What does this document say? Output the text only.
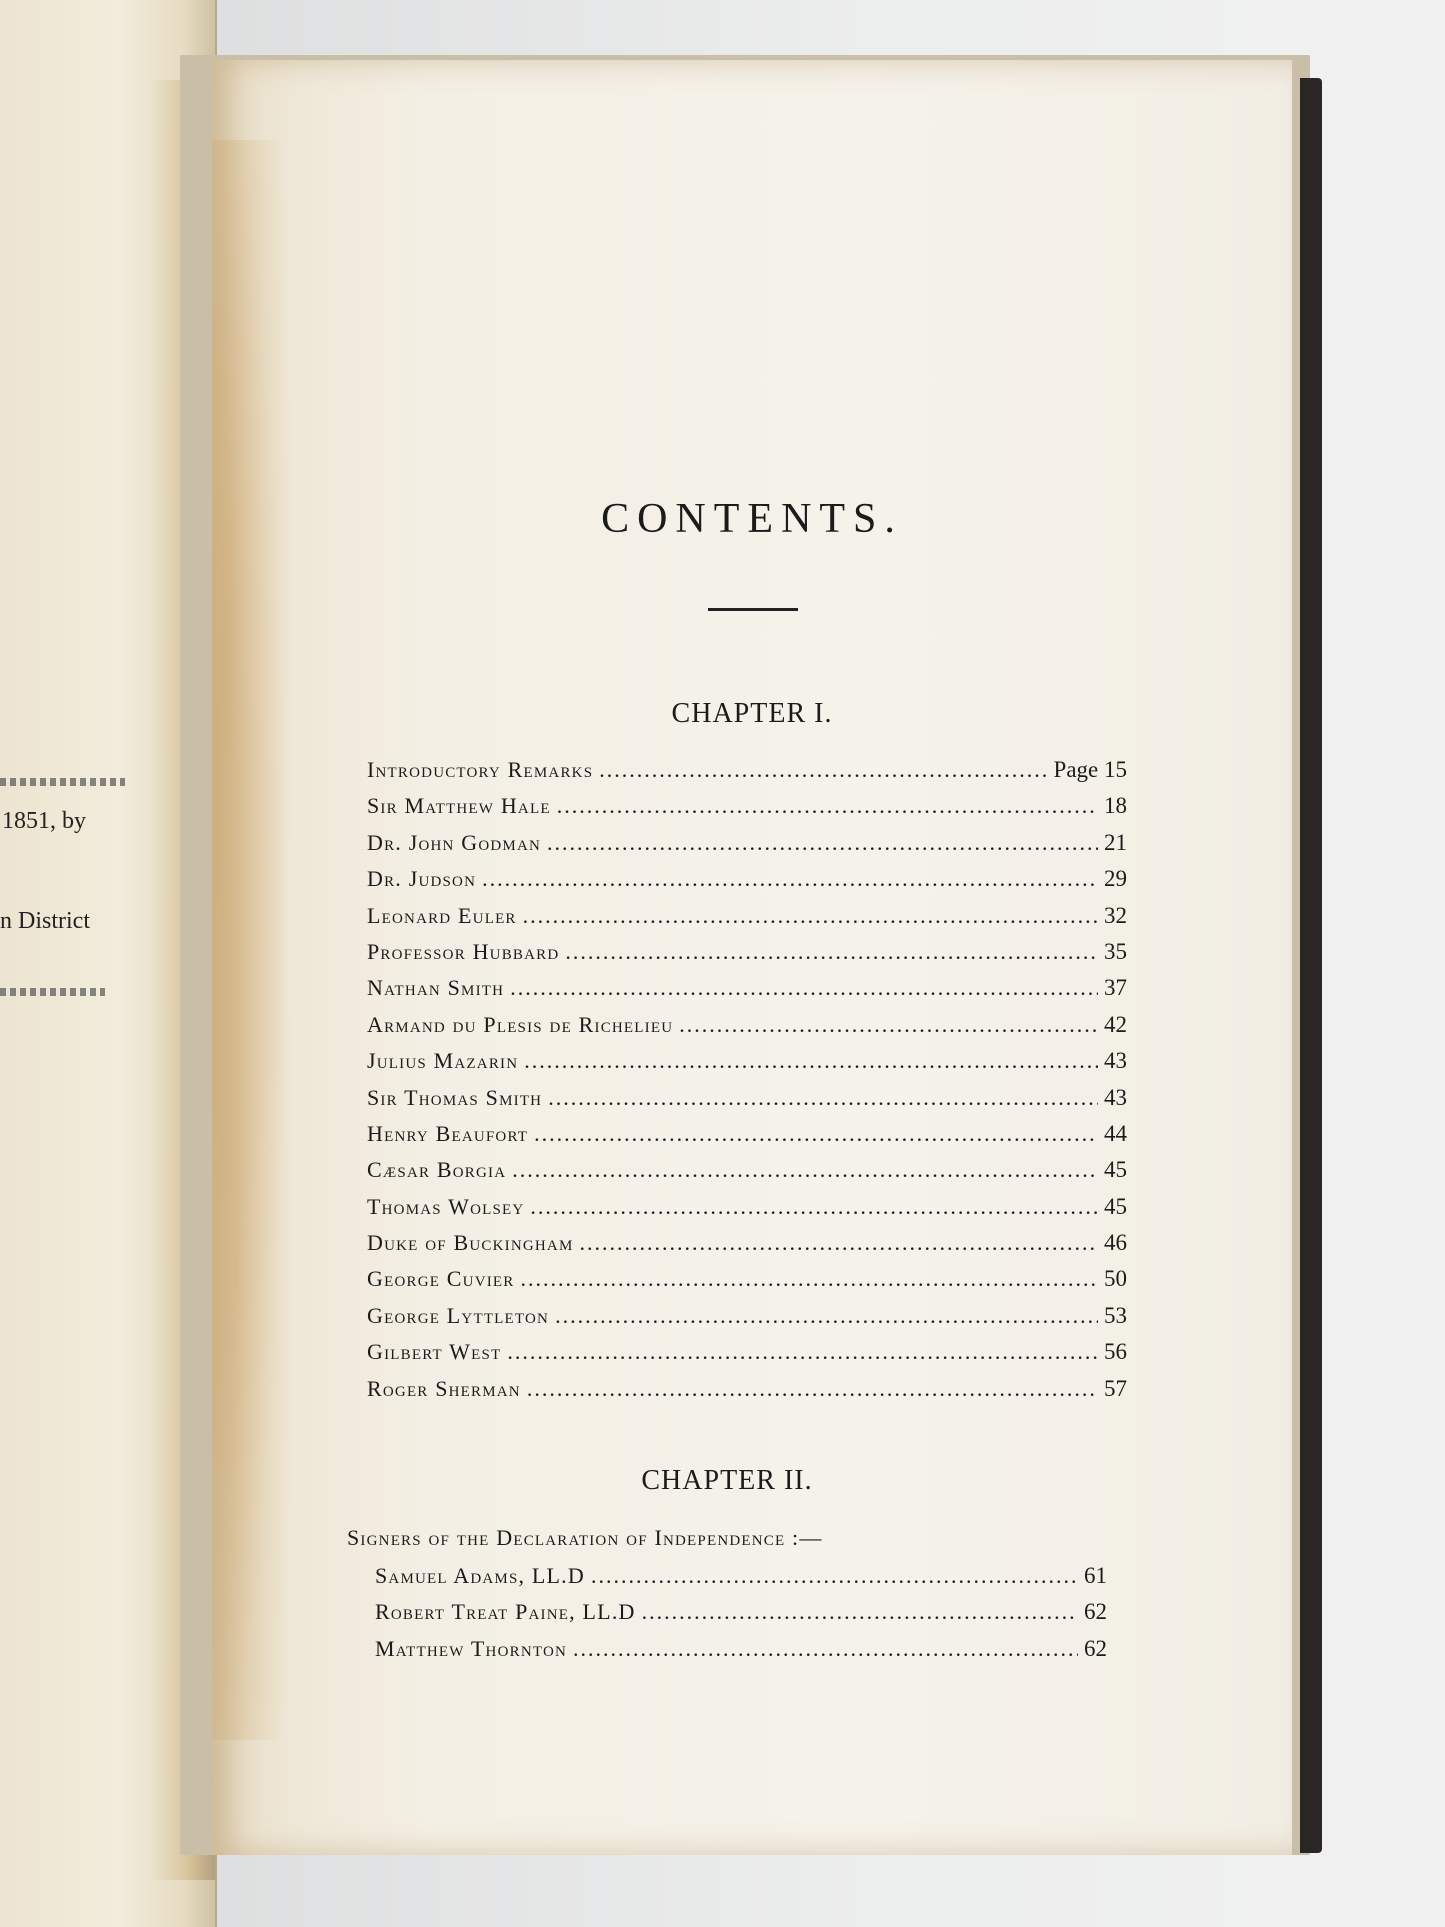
1851, by
n District
CONTENTS.
CHAPTER I.
Introductory Remarks .....	Page 15
Sir Matthew Hale .....	18
Dr. John Godman .....	21
Dr. Judson .....	29
Leonard Euler .....	32
Professor Hubbard .....	35
Nathan Smith .....	37
Armand du Plesis de Richelieu .....	42
Julius Mazarin .....	43
Sir Thomas Smith .....	43
Henry Beaufort .....	44
Cæsar Borgia .....	45
Thomas Wolsey .....	45
Duke of Buckingham .....	46
George Cuvier .....	50
George Lyttleton .....	53
Gilbert West .....	56
Roger Sherman .....	57
CHAPTER II.
Signers of the Declaration of Independence :—
Samuel Adams, LL.D .....	61
Robert Treat Paine, LL.D .....	62
Matthew Thornton .....	62
